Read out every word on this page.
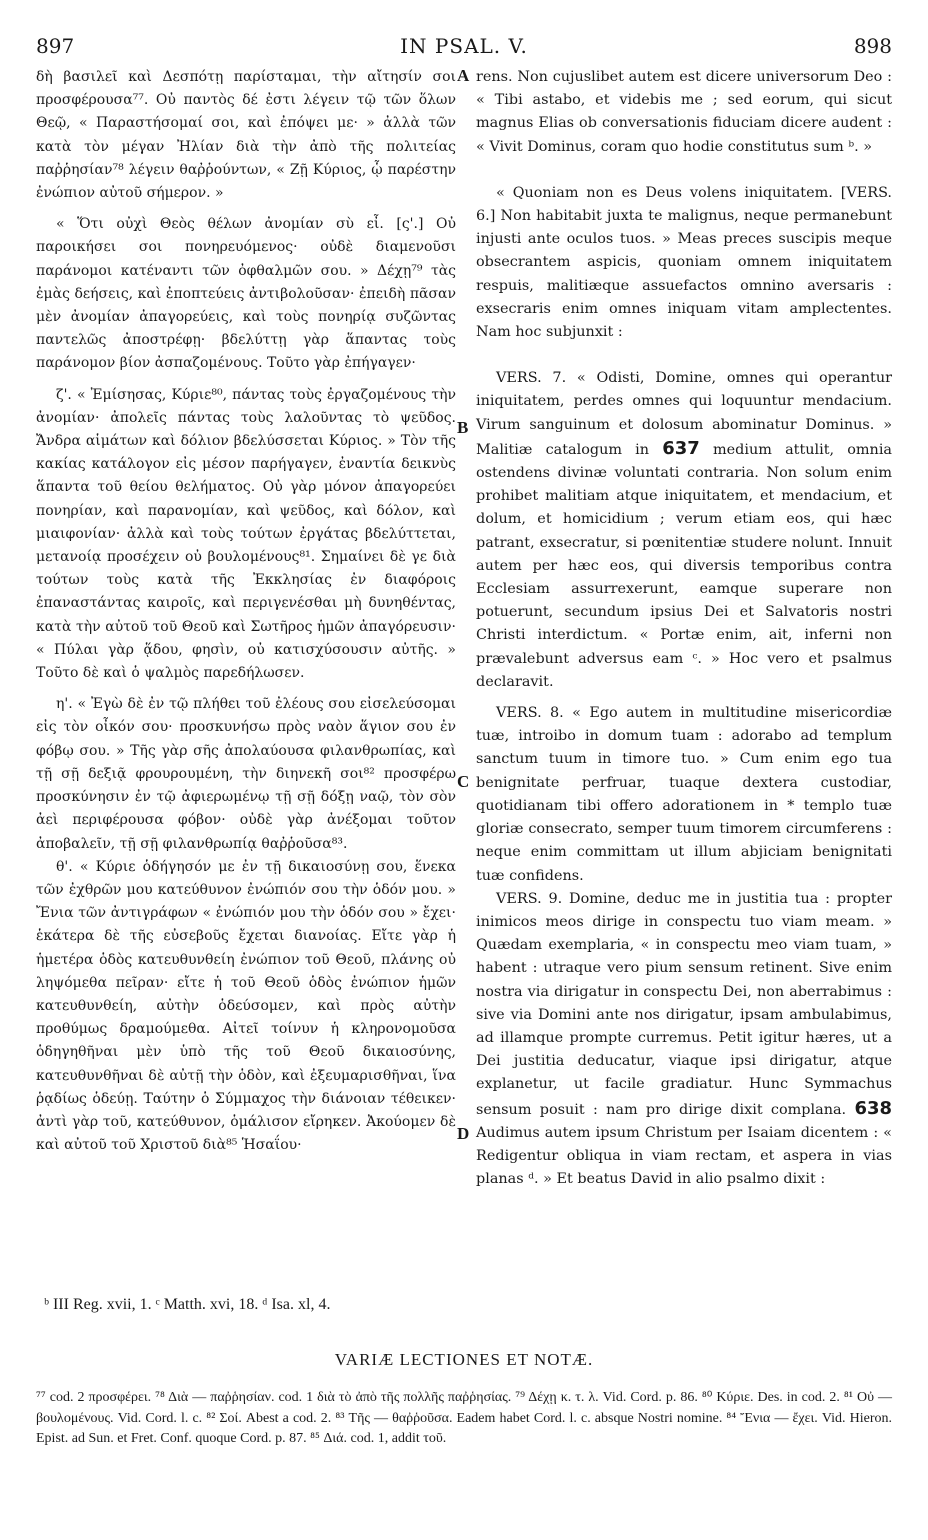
897	IN PSAL. V.	898

δὴ βασιλεῖ καὶ Δεσπότῃ παρίσταμαι, τὴν αἴτησίν σοι προσφέρουσα⁷⁷. Οὐ παντὸς δέ ἐστι λέγειν τῷ τῶν ὅλων Θεῷ, « Παραστήσομαί σοι, καὶ ἐπόψει με· » ἀλλὰ τῶν κατὰ τὸν μέγαν Ἠλίαν διὰ τὴν ἀπὸ τῆς πολιτείας παῤῥησίαν⁷⁸ λέγειν θαῤῥούντων, « Ζῇ Κύριος, ᾧ παρέστην ἐνώπιον αὐτοῦ σήμερον. »

« Ὅτι οὐχὶ Θεὸς θέλων ἀνομίαν σὺ εἶ. [ς'.] Οὐ παροικήσει σοι πονηρευόμενος· οὐδὲ διαμενοῦσι παράνομοι κατέναντι τῶν ὀφθαλμῶν σου. » Δέχῃ⁷⁹ τὰς ἐμὰς δεήσεις, καὶ ἐποπτεύεις ἀντιβολοῦσαν· ἐπειδὴ πᾶσαν μὲν ἀνομίαν ἀπαγορεύεις, καὶ τοὺς πονηρίᾳ συζῶντας παντελῶς ἀποστρέφῃ· βδελύττῃ γὰρ ἅπαντας τοὺς παράνομον βίον ἀσπαζομένους. Τοῦτο γὰρ ἐπήγαγεν·

ζ'. « Ἐμίσησας, Κύριε⁸⁰, πάντας τοὺς ἐργαζομένους τὴν ἀνομίαν· ἀπολεῖς πάντας τοὺς λαλοῦντας τὸ ψεῦδος. Ἄνδρα αἱμάτων καὶ δόλιον βδελύσσεται Κύριος. » Τὸν τῆς κακίας κατάλογον εἰς μέσον παρήγαγεν, ἐναντία δεικνὺς ἅπαντα τοῦ θείου θελήματος. Οὐ γὰρ μόνον ἀπαγορεύει πονηρίαν, καὶ παρανομίαν, καὶ ψεῦδος, καὶ δόλον, καὶ μιαιφονίαν· ἀλλὰ καὶ τοὺς τούτων ἐργάτας βδελύττεται, μετανοίᾳ προσέχειν οὐ βουλομένους⁸¹. Σημαίνει δὲ γε διὰ τούτων τοὺς κατὰ τῆς Ἐκκλησίας ἐν διαφόροις ἐπαναστάντας καιροῖς, καὶ περιγενέσθαι μὴ δυνηθέντας, κατὰ τὴν αὐτοῦ τοῦ Θεοῦ καὶ Σωτῆρος ἡμῶν ἀπαγόρευσιν· « Πύλαι γὰρ ᾅδου, φησὶν, οὐ κατισχύσουσιν αὐτῆς. » Τοῦτο δὲ καὶ ὁ ψαλμὸς παρεδήλωσεν.

η'. « Ἐγὼ δὲ ἐν τῷ πλήθει τοῦ ἐλέους σου εἰσελεύσομαι εἰς τὸν οἶκόν σου· προσκυνήσω πρὸς ναὸν ἅγιον σου ἐν φόβῳ σου. » Τῆς γὰρ σῆς ἀπολαύουσα φιλανθρωπίας, καὶ τῇ σῇ δεξιᾷ φρουρουμένη, τὴν διηνεκῆ σοι⁸² προσφέρω προσκύνησιν ἐν τῷ ἀφιερωμένῳ τῇ σῇ δόξῃ ναῷ, τὸν σὸν ἀεὶ περιφέρουσα φόβον· οὐδὲ γὰρ ἀνέξομαι τοῦτον ἀποβαλεῖν, τῇ σῇ φιλανθρωπίᾳ θαῤῥοῦσα⁸³.

θ'. « Κύριε ὁδήγησόν με ἐν τῇ δικαιοσύνῃ σου, ἕνεκα τῶν ἐχθρῶν μου κατεύθυνον ἐνώπιόν σου τὴν ὁδόν μου. » Ἔνια τῶν ἀντιγράφων « ἐνώπιόν μου τὴν ὁδόν σου » ἔχει· ἑκάτερα δὲ τῆς εὐσεβοῦς ἔχεται διανοίας. Εἴτε γὰρ ἡ ἡμετέρα ὁδὸς κατευθυνθείη ἐνώπιον τοῦ Θεοῦ, πλάνης οὐ ληψόμεθα πεῖραν· εἴτε ἡ τοῦ Θεοῦ ὁδὸς ἐνώπιον ἡμῶν κατευθυνθείη, αὐτὴν ὁδεύσομεν, καὶ πρὸς αὐτὴν προθύμως δραμούμεθα. Αἰτεῖ τοίνυν ἡ κληρονομοῦσα ὁδηγηθῆναι μὲν ὑπὸ τῆς τοῦ Θεοῦ δικαιοσύνης, κατευθυνθῆναι δὲ αὐτῇ τὴν ὁδὸν, καὶ ἐξευμαρισθῆναι, ἵνα ῥᾳδίως ὁδεύῃ. Ταύτην ὁ Σύμμαχος τὴν διάνοιαν τέθεικεν· ἀντὶ γὰρ τοῦ, κατεύθυνον, ὁμάλισον εἴρηκεν. Ἀκούομεν δὲ καὶ αὐτοῦ τοῦ Χριστοῦ διὰ⁸⁵ Ἡσαΐου·

A
B
C
D

rens. Non cujuslibet autem est dicere universorum Deo : « Tibi astabo, et videbis me ; sed eorum, qui sicut magnus Elias ob conversationis fiduciam dicere audent : « Vivit Dominus, coram quo hodie constitutus sum ᵇ. »

« Quoniam non es Deus volens iniquitatem. [VERS. 6.] Non habitabit juxta te malignus, neque permanebunt injusti ante oculos tuos. » Meas preces suscipis meque obsecrantem aspicis, quoniam omnem iniquitatem respuis, malitiæque assuefactos omnino aversaris : exsecraris enim omnes iniquam vitam amplectentes. Nam hoc subjunxit :

VERS. 7. « Odisti, Domine, omnes qui operantur iniquitatem, perdes omnes qui loquuntur mendacium. Virum sanguinum et dolosum abominatur Dominus. » Malitiæ catalogum in 637 medium attulit, omnia ostendens divinæ voluntati contraria. Non solum enim prohibet malitiam atque iniquitatem, et mendacium, et dolum, et homicidium ; verum etiam eos, qui hæc patrant, exsecratur, si pœnitentiæ studere nolunt. Innuit autem per hæc eos, qui diversis temporibus contra Ecclesiam assurrexerunt, eamque superare non potuerunt, secundum ipsius Dei et Salvatoris nostri Christi interdictum. « Portæ enim, ait, inferni non prævalebunt adversus eam ᶜ. » Hoc vero et psalmus declaravit.

VERS. 8. « Ego autem in multitudine misericordiæ tuæ, introibo in domum tuam : adorabo ad templum sanctum tuum in timore tuo. » Cum enim ego tua benignitate perfruar, tuaque dextera custodiar, quotidianam tibi offero adorationem in * templo tuæ gloriæ consecrato, semper tuum timorem circumferens : neque enim committam ut illum abjiciam benignitati tuæ confidens.

VERS. 9. Domine, deduc me in justitia tua : propter inimicos meos dirige in conspectu tuo viam meam. » Quædam exemplaria, « in conspectu meo viam tuam, » habent : utraque vero pium sensum retinent. Sive enim nostra via dirigatur in conspectu Dei, non aberrabimus : sive via Domini ante nos dirigatur, ipsam ambulabimus, ad illamque prompte curremus. Petit igitur hæres, ut a Dei justitia deducatur, viaque ipsi dirigatur, atque explanetur, ut facile gradiatur. Hunc Symmachus sensum posuit : nam pro dirige dixit complana. 638 Audimus autem ipsum Christum per Isaiam dicentem : « Redigentur obliqua in viam rectam, et aspera in vias planas ᵈ. » Et beatus David in alio psalmo dixit :

ᵇ III Reg. xvii, 1. ᶜ Matth. xvi, 18. ᵈ Isa. xl, 4.
VARIÆ LECTIONES ET NOTÆ.

⁷⁷ cod. 2 προσφέρει. ⁷⁸ Διὰ — παῤῥησίαν. cod. 1 διὰ τὸ ἀπὸ τῆς πολλῆς παῤῥησίας. ⁷⁹ Δέχῃ κ. τ. λ. Vid. Cord. p. 86. ⁸⁰ Κύριε. Des. in cod. 2. ⁸¹ Οὐ — βουλομένους. Vid. Cord. l. c. ⁸² Σοί. Abest a cod. 2. ⁸³ Τῆς — θαῤῥοῦσα. Eadem habet Cord. l. c. absque Nostri nomine. ⁸⁴ Ἔνια — ἔχει. Vid. Hieron. Epist. ad Sun. et Fret. Conf. quoque Cord. p. 87. ⁸⁵ Διά. cod. 1, addit τοῦ.
